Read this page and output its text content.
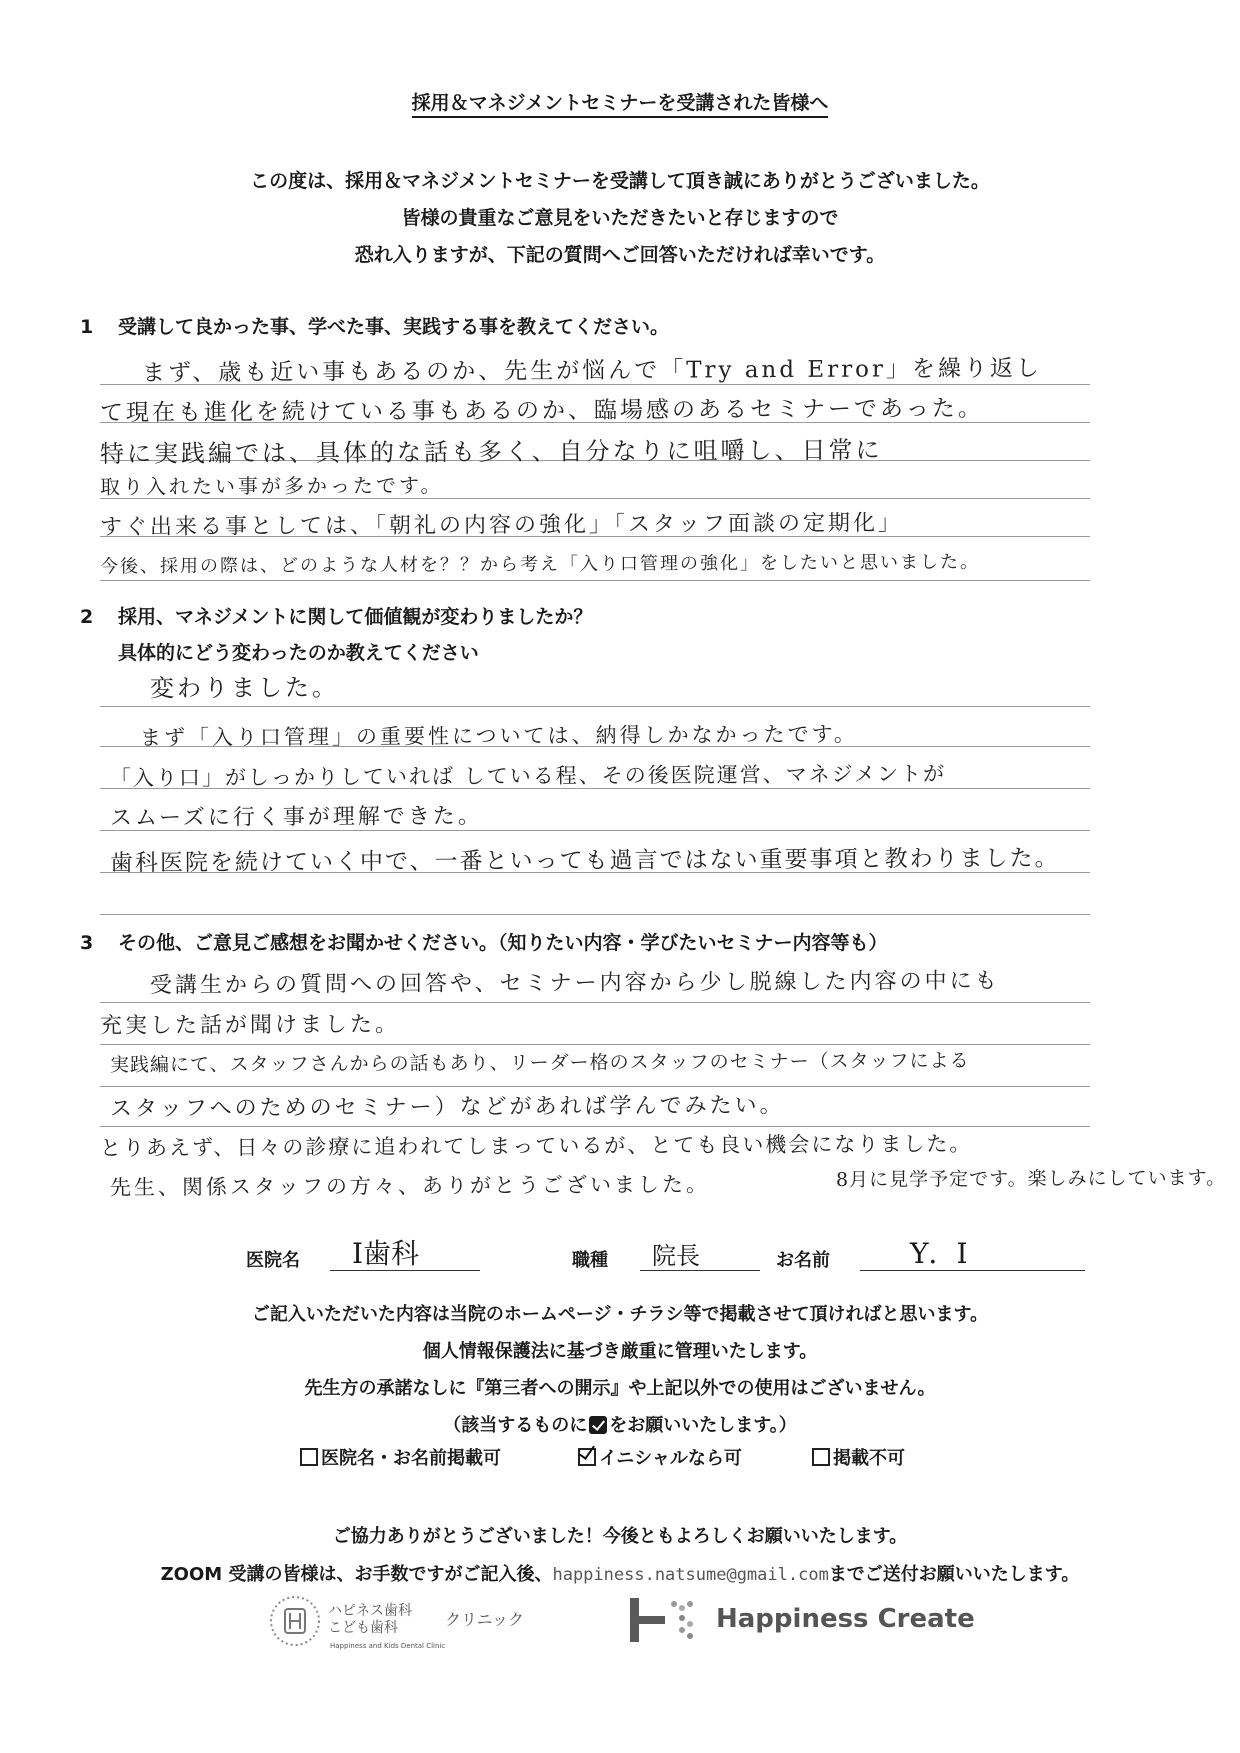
採用＆マネジメントセミナーを受講された皆様へ
この度は、採用＆マネジメントセミナーを受講して頂き誠にありがとうございました。
皆様の貴重なご意見をいただきたいと存じますので
恐れ入りますが、下記の質問へご回答いただければ幸いです。
1 受講して良かった事、学べた事、実践する事を教えてください。
まず、歳も近い事もあるのか、先生が悩んで「Try and Error」を繰り返し
て現在も進化を続けている事もあるのか、臨場感のあるセミナーであった。
特に実践編では、具体的な話も多く、自分なりに咀嚼し、日常に
取り入れたい事が多かったです。
すぐ出来る事としては、「朝礼の内容の強化」「スタッフ面談の定期化」
今後、採用の際は、どのような人材を？？から考え「入り口管理の強化」をしたいと思いました。
2 採用、マネジメントに関して価値観が変わりましたか？
具体的にどう変わったのか教えてください
変わりました。
まず「入り口管理」の重要性については、納得しかなかったです。
「入り口」がしっかりしていれば している程、その後医院運営、マネジメントが
スムーズに行く事が理解できた。
歯科医院を続けていく中で、一番といっても過言ではない重要事項と教わりました。
3 その他、ご意見ご感想をお聞かせください。（知りたい内容・学びたいセミナー内容等も）
受講生からの質問への回答や、セミナー内容から少し脱線した内容の中にも
充実した話が聞けました。
実践編にて、スタッフさんからの話もあり、リーダー格のスタッフのセミナー（スタッフによる
スタッフへのためのセミナー）などがあれば学んでみたい。
とりあえず、日々の診療に追われてしまっているが、とても良い機会になりました。
先生、関係スタッフの方々、ありがとうございました。	8月に見学予定です。楽しみにしています。
医院名 I歯科	職種 院長	お名前	Y．I
ご記入いただいた内容は当院のホームページ・チラシ等で掲載させて頂ければと思います。
個人情報保護法に基づき厳重に管理いたします。
先生方の承諾なしに『第三者への開示』や上記以外での使用はございません。
（該当するものに をお願いいたします。）
医院名・お名前掲載可	イニシャルなら可	掲載不可
ご協力ありがとうございました！今後ともよろしくお願いいたします。
ZOOM 受講の皆様は、お手数ですがご記入後、happiness.natsume@gmail.comまでご送付お願いいたします。
ハピネス歯科
こども歯科	クリニック
Happiness and Kids Dental Clinic
Happiness Create
